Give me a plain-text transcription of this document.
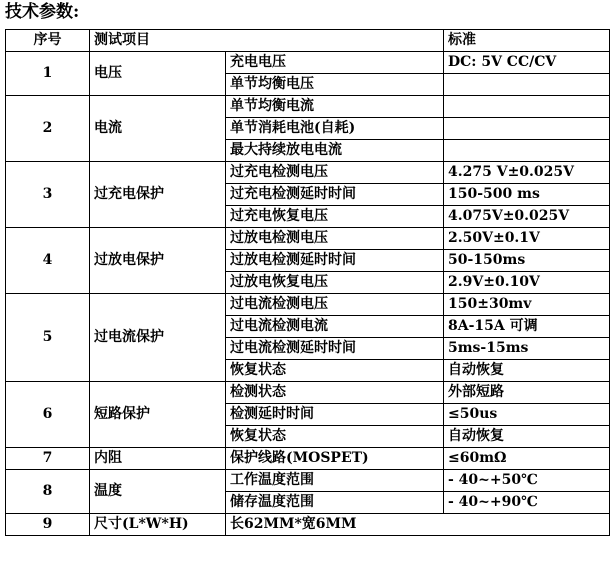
技术参数:
序号	测试项目		标准
1	电压	充电电压	DC: 5V CC/CV
		单节均衡电压	
2	电流	单节均衡电流	
		单节消耗电池(自耗)	
		最大持续放电电流	
3	过充电保护	过充电检测电压	4.275 V±0.025V
		过充电检测延时时间	150-500 ms
		过充电恢复电压	4.075V±0.025V
4	过放电保护	过放电检测电压	2.50V±0.1V
		过放电检测延时时间	50-150ms
		过放电恢复电压	2.9V±0.10V
5	过电流保护	过电流检测电压	150±30mv
		过电流检测电流	8A-15A 可调
		过电流检测延时时间	5ms-15ms
		恢复状态	自动恢复
6	短路保护	检测状态	外部短路
		检测延时时间	≤50us
		恢复状态	自动恢复
7	内阻	保护线路(MOSPET)	≤60mΩ
8	温度	工作温度范围	- 40~+50℃
		储存温度范围	- 40~+90℃
9	尺寸(L*W*H)	长62MM*宽6MM	
